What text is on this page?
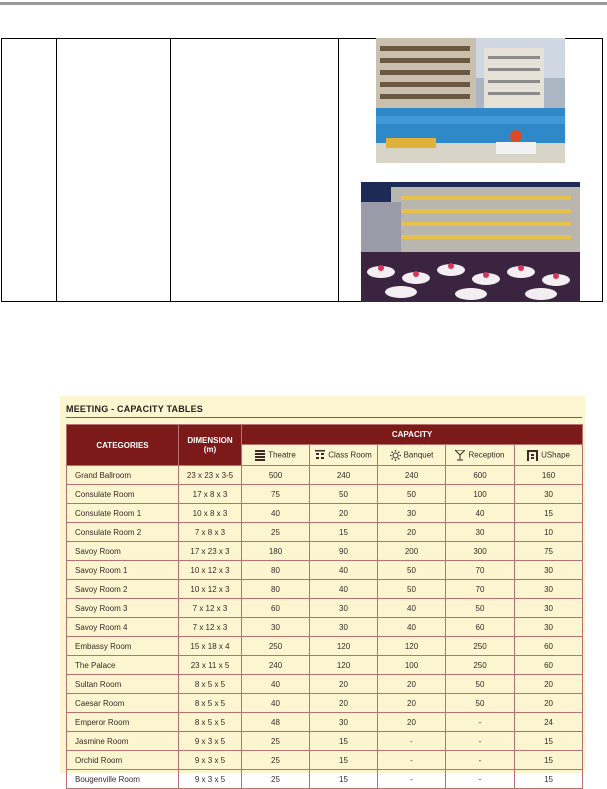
MEETING - CAPACITY TABLES
CATEGORIES	DIMENSION
(m)	CAPACITY				
		Theatre	Class Room	Banquet	Reception	UShape
Grand Ballroom	23 x 23 x 3-5	500	240	240	600	160
Consulate Room	17 x 8 x 3	75	50	50	100	30
Consulate Room 1	10 x 8 x 3	40	20	30	40	15
Consulate Room 2	7 x 8 x 3	25	15	20	30	10
Savoy Room	17 x 23 x 3	180	90	200	300	75
Savoy Room 1	10 x 12 x 3	80	40	50	70	30
Savoy Room 2	10 x 12 x 3	80	40	50	70	30
Savoy Room 3	7 x 12 x 3	60	30	40	50	30
Savoy Room 4	7 x 12 x 3	30	30	40	60	30
Embassy Room	15 x 18 x 4	250	120	120	250	60
The Palace	23 x 11 x 5	240	120	100	250	60
Sultan Room	8 x 5 x 5	40	20	20	50	20
Caesar Room	8 x 5 x 5	40	20	20	50	20
Emperor Room	8 x 5 x 5	48	30	20	-	24
Jasmine Room	9 x 3 x 5	25	15	-	-	15
Orchid Room	9 x 3 x 5	25	15	-	-	15
Bougenville Room	9 x 3 x 5	25	15	-	-	15
